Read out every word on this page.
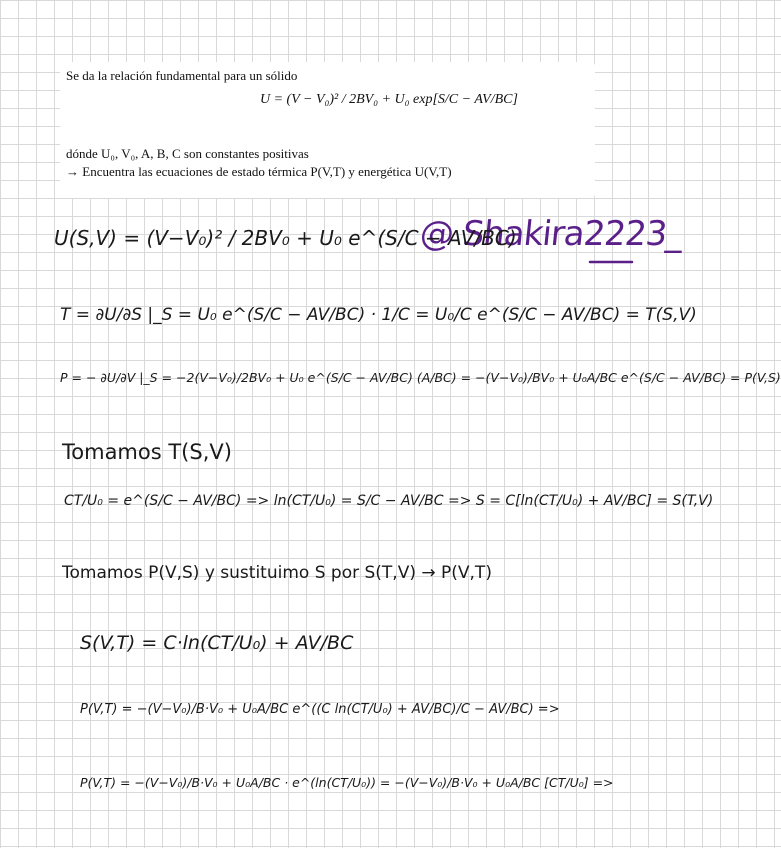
Se da la relación fundamental para un sólido
U = (V − V₀)² / 2BV₀ + U₀ exp[S/C − AV/BC]
dónde U₀, V₀, A, B, C son constantes positivas
→ Encuentra las ecuaciones de estado térmica P(V,T) y energética U(V,T)
@ Shakira2223_
U(S,V) = (V−V₀)² / 2BV₀ + U₀ e^(S/C − AV/BC)
T = ∂U/∂S |_S = U₀ e^(S/C − AV/BC) · 1/C = U₀/C e^(S/C − AV/BC) = T(S,V)
P = − ∂U/∂V |_S = −2(V−V₀)/2BV₀ + U₀ e^(S/C − AV/BC) (A/BC) = −(V−V₀)/BV₀ + U₀A/BC e^(S/C − AV/BC) = P(V,S)
Tomamos T(S,V)
CT/U₀ = e^(S/C − AV/BC) => ln(CT/U₀) = S/C − AV/BC => S = C[ln(CT/U₀) + AV/BC] = S(T,V)
Tomamos P(V,S) y sustituimo S por S(T,V) → P(V,T)
S(V,T) = C·ln(CT/U₀) + AV/BC
P(V,T) = −(V−V₀)/B·V₀ + U₀A/BC e^((C ln(CT/U₀) + AV/BC)/C − AV/BC) =>
P(V,T) = −(V−V₀)/B·V₀ + U₀A/BC · e^(ln(CT/U₀)) = −(V−V₀)/B·V₀ + U₀A/BC [CT/U₀] =>
